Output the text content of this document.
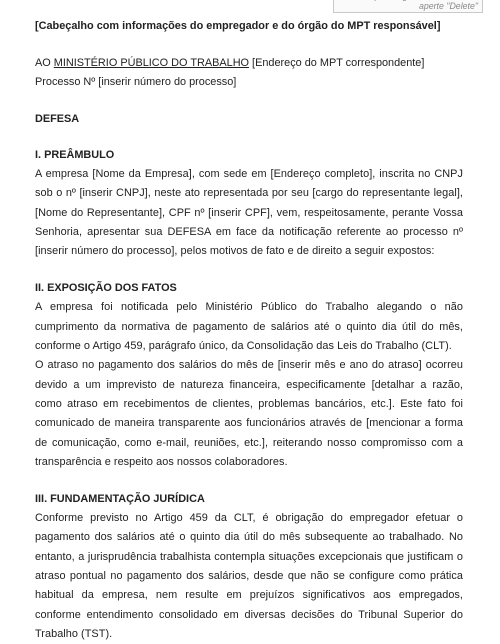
aperte "Delete"

[Cabeçalho com informações do empregador e do órgão do MPT responsável]

AO MINISTÉRIO PÚBLICO DO TRABALHO [Endereço do MPT correspondente]

Processo Nº [inserir número do processo]

DEFESA

I. PREÂMBULO

A empresa [Nome da Empresa], com sede em [Endereço completo], inscrita no CNPJ sob o nº [inserir CNPJ], neste ato representada por seu [cargo do representante legal], [Nome do Representante], CPF nº [inserir CPF], vem, respeitosamente, perante Vossa Senhoria, apresentar sua DEFESA em face da notificação referente ao processo nº [inserir número do processo], pelos motivos de fato e de direito a seguir expostos:

II. EXPOSIÇÃO DOS FATOS

A empresa foi notificada pelo Ministério Público do Trabalho alegando o não cumprimento da normativa de pagamento de salários até o quinto dia útil do mês, conforme o Artigo 459, parágrafo único, da Consolidação das Leis do Trabalho (CLT).

O atraso no pagamento dos salários do mês de [inserir mês e ano do atraso] ocorreu devido a um imprevisto de natureza financeira, especificamente [detalhar a razão, como atraso em recebimentos de clientes, problemas bancários, etc.]. Este fato foi comunicado de maneira transparente aos funcionários através de [mencionar a forma de comunicação, como e-mail, reuniões, etc.], reiterando nosso compromisso com a transparência e respeito aos nossos colaboradores.

III. FUNDAMENTAÇÃO JURÍDICA

Conforme previsto no Artigo 459 da CLT, é obrigação do empregador efetuar o pagamento dos salários até o quinto dia útil do mês subsequente ao trabalhado. No entanto, a jurisprudência trabalhista contempla situações excepcionais que justificam o atraso pontual no pagamento dos salários, desde que não se configure como prática habitual da empresa, nem resulte em prejuízos significativos aos empregados, conforme entendimento consolidado em diversas decisões do Tribunal Superior do Trabalho (TST).
